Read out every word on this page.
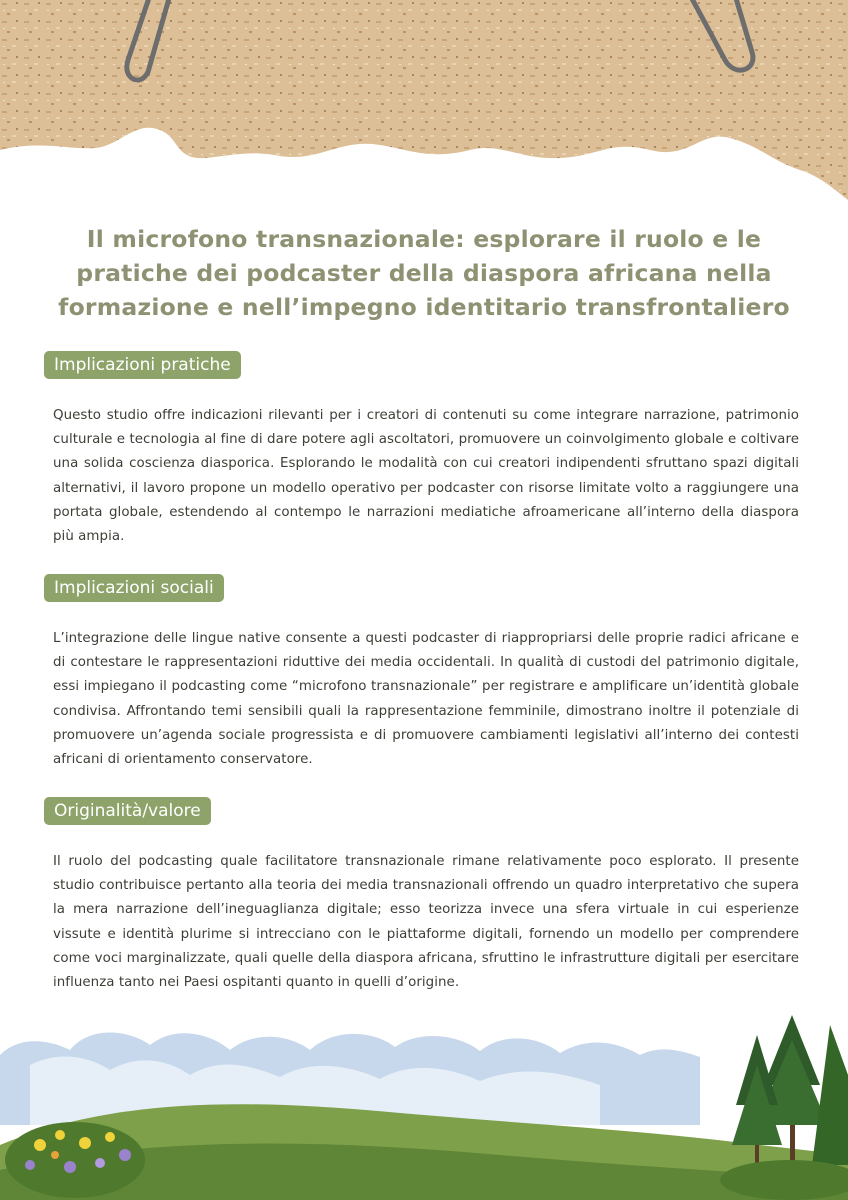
Il microfono transnazionale: esplorare il ruolo e le pratiche dei podcaster della diaspora africana nella formazione e nell’impegno identitario transfrontaliero
Implicazioni pratiche
Questo studio offre indicazioni rilevanti per i creatori di contenuti su come integrare narrazione, patrimonio culturale e tecnologia al fine di dare potere agli ascoltatori, promuovere un coinvolgimento globale e coltivare una solida coscienza diasporica. Esplorando le modalità con cui creatori indipendenti sfruttano spazi digitali alternativi, il lavoro propone un modello operativo per podcaster con risorse limitate volto a raggiungere una portata globale, estendendo al contempo le narrazioni mediatiche afroamericane all’interno della diaspora più ampia.
Implicazioni sociali
L’integrazione delle lingue native consente a questi podcaster di riappropriarsi delle proprie radici africane e di contestare le rappresentazioni riduttive dei media occidentali. In qualità di custodi del patrimonio digitale, essi impiegano il podcasting come “microfono transnazionale” per registrare e amplificare un’identità globale condivisa. Affrontando temi sensibili quali la rappresentazione femminile, dimostrano inoltre il potenziale di promuovere un’agenda sociale progressista e di promuovere cambiamenti legislativi all’interno dei contesti africani di orientamento conservatore.
Originalità/valore
Il ruolo del podcasting quale facilitatore transnazionale rimane relativamente poco esplorato. Il presente studio contribuisce pertanto alla teoria dei media transnazionali offrendo un quadro interpretativo che supera la mera narrazione dell’ineguaglianza digitale; esso teorizza invece una sfera virtuale in cui esperienze vissute e identità plurime si intrecciano con le piattaforme digitali, fornendo un modello per comprendere come voci marginalizzate, quali quelle della diaspora africana, sfruttino le infrastrutture digitali per esercitare influenza tanto nei Paesi ospitanti quanto in quelli d’origine.
